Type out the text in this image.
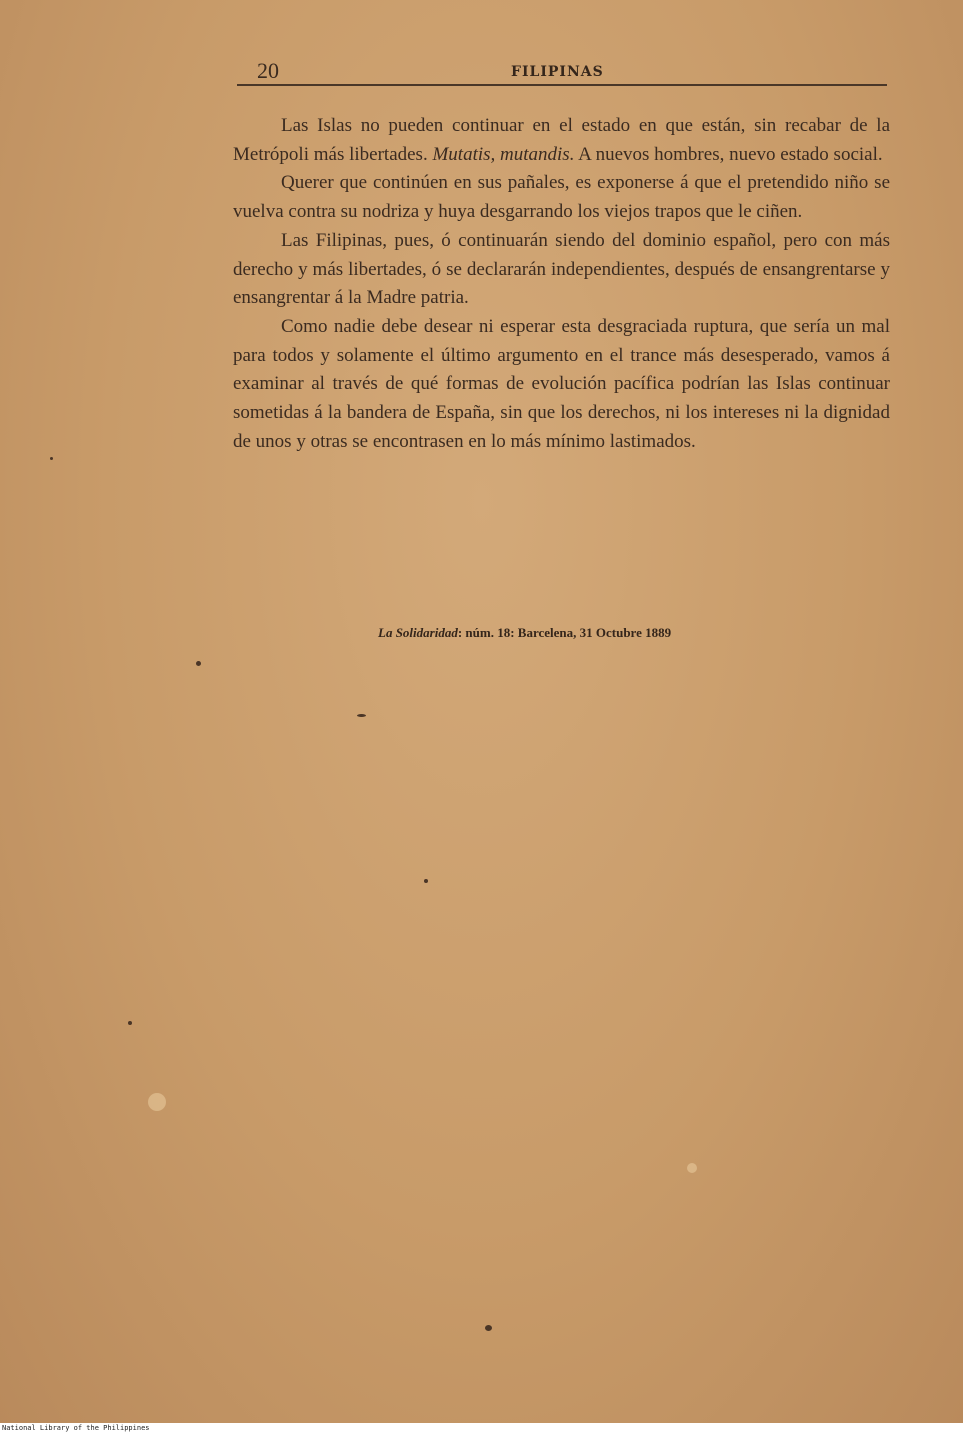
20	FILIPINAS

Las Islas no pueden continuar en el estado en que están, sin recabar de la Metrópoli más libertades. Mutatis, mutandis. A nuevos hombres, nuevo estado social.

Querer que continúen en sus pañales, es exponerse á que el pretendido niño se vuelva contra su nodriza y huya desgarrando los viejos trapos que le ciñen.

Las Filipinas, pues, ó continuarán siendo del dominio español, pero con más derecho y más libertades, ó se declararán independientes, después de ensangrentarse y ensangrentar á la Madre patria.

Como nadie debe desear ni esperar esta desgraciada ruptura, que sería un mal para todos y solamente el último argumento en el trance más desesperado, vamos á examinar al través de qué formas de evolución pacífica podrían las Islas continuar sometidas á la bandera de España, sin que los derechos, ni los intereses ni la dignidad de unos y otras se encontrasen en lo más mínimo lastimados.

La Solidaridad: núm. 18: Barcelena, 31 Octubre 1889
National Library of the Philippines
